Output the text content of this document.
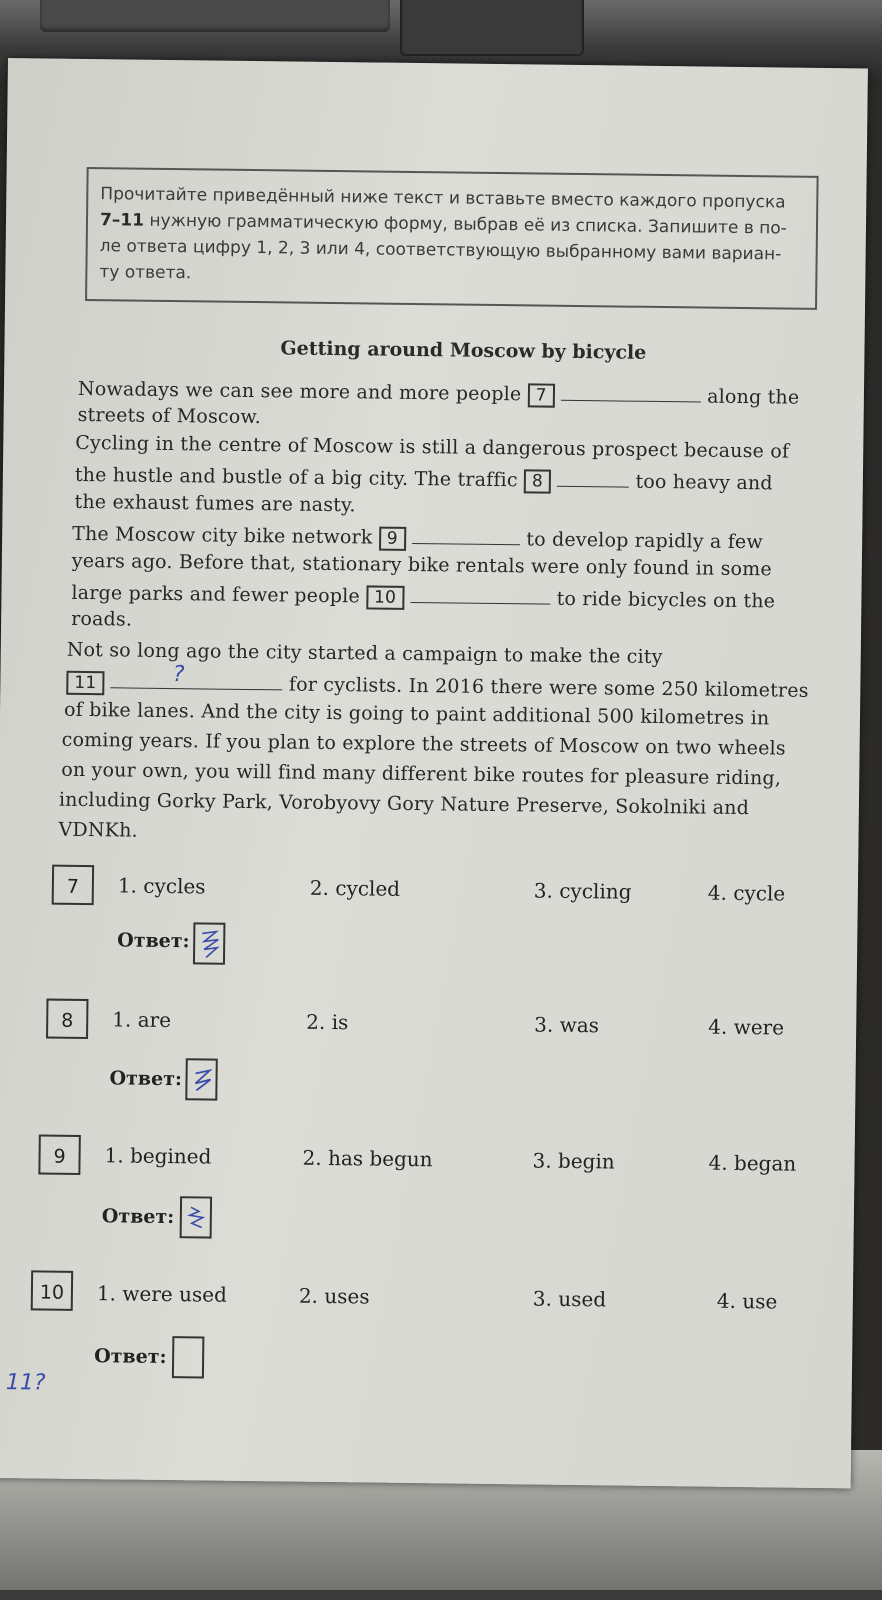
Прочитайте приведённый ниже текст и вставьте вместо каждого пропуска
7–11 нужную грамматическую форму, выбрав её из списка. Запишите в по-
ле ответа цифру 1, 2, 3 или 4, соответствующую выбранному вами вариан-
ту ответа.
Getting around Moscow by bicycle
Nowadays we can see more and more people 7	along the
streets of Moscow.
Cycling in the centre of Moscow is still a dangerous prospect because of
the hustle and bustle of a big city. The traffic 8	too heavy and
the exhaust fumes are nasty.
The Moscow city bike network 9	to develop rapidly a few
years ago. Before that, stationary bike rentals were only found in some
large parks and fewer people 10	to ride bicycles on the
roads.
Not so long ago the city started a campaign to make the city
11	?	for cyclists. In 2016 there were some 250 kilometres
of bike lanes. And the city is going to paint additional 500 kilometres in
coming years. If you plan to explore the streets of Moscow on two wheels
on your own, you will find many different bike routes for pleasure riding,
including Gorky Park, Vorobyovy Gory Nature Preserve, Sokolniki and
VDNKh.
7	1. cycles	2. cycled	3. cycling	4. cycle
Ответ:
8	1. are	2. is	3. was	4. were
Ответ:
9	1. begined	2. has begun	3. begin	4. began
Ответ:
10	1. were used	2. uses	3. used	4. use
Ответ:
11?
